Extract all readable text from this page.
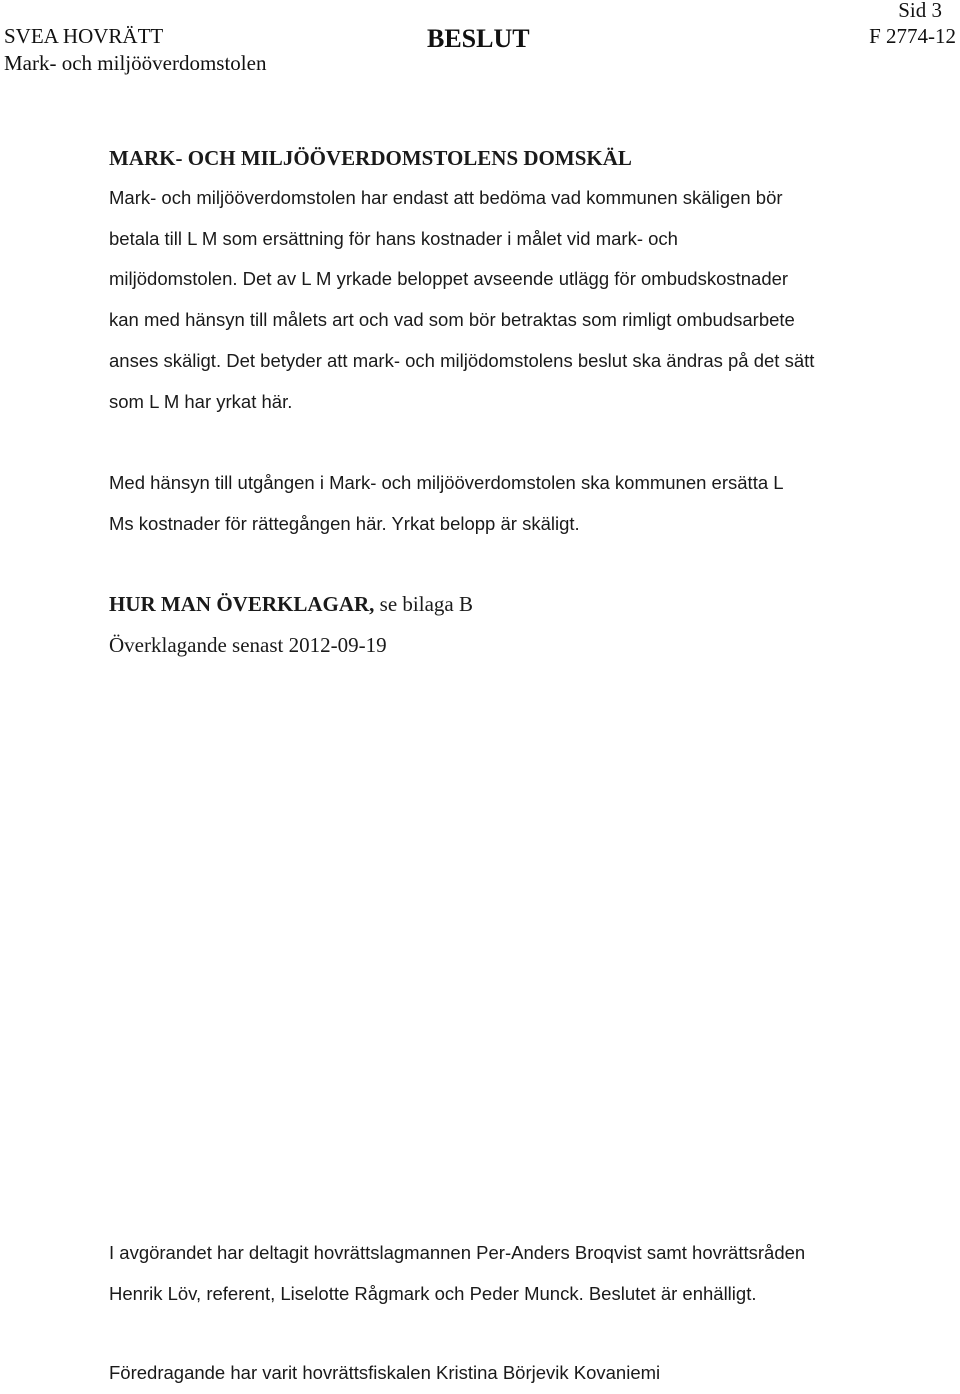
SVEA HOVRÄTT
Mark- och miljööverdomstolen
BESLUT
Sid 3
F 2774-12
MARK- OCH MILJÖÖVERDOMSTOLENS DOMSKÄL
Mark- och miljööverdomstolen har endast att bedöma vad kommunen skäligen bör
betala till L M som ersättning för hans kostnader i målet vid mark- och
miljödomstolen. Det av L M yrkade beloppet avseende utlägg för ombudskostnader
kan med hänsyn till målets art och vad som bör betraktas som rimligt ombudsarbete
anses skäligt. Det betyder att mark- och miljödomstolens beslut ska ändras på det sätt
som L M har yrkat här.
Med hänsyn till utgången i Mark- och miljööverdomstolen ska kommunen ersätta L
Ms kostnader för rättegången här. Yrkat belopp är skäligt.
HUR MAN ÖVERKLAGAR, se bilaga B
Överklagande senast 2012-09-19
I avgörandet har deltagit hovrättslagmannen Per-Anders Broqvist samt hovrättsråden
Henrik Löv, referent, Liselotte Rågmark och Peder Munck. Beslutet är enhälligt.
Föredragande har varit hovrättsfiskalen Kristina Börjevik Kovaniemi
